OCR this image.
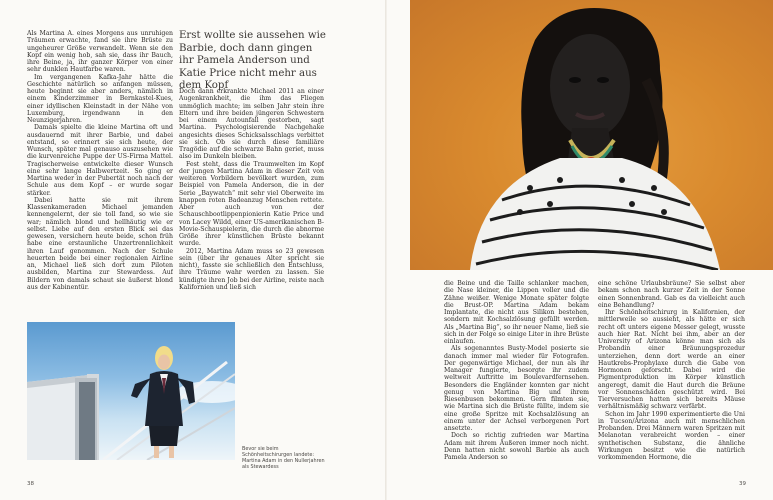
Als Martina A. eines Morgens aus unruhigen Träumen erwachte, fand sie ihre Brüste zu ungeheurer Größe verwandelt. Wenn sie den Kopf ein wenig hob, sah sie, dass ihr Bauch, ihre Beine, ja, ihr ganzer Körper von einer sehr dunklen Hautfarbe waren.

Im vergangenen Kafka-Jahr hätte die Geschichte natürlich so anfangen müssen, heute beginnt sie aber anders, nämlich in einem Kinderzimmer in Bernkastel-Kues, einer idyllischen Kleinstadt in der Nähe von Luxemburg, irgendwann in den Neunzigerjahren.

Damals spielte die kleine Martina oft und ausdauernd mit ihrer Barbie, und dabei entstand, so erinnert sie sich heute, der Wunsch, später mal genauso auszusehen wie die kurvenreiche Puppe der US-Firma Mattel. Tragischerweise entwickelte dieser Wunsch eine sehr lange Halbwertzeit. So ging er Martina weder in der Pubertät noch nach der Schule aus dem Kopf – er wurde sogar stärker.

Dabei hatte sie mit ihrem Klassenkameraden Michael jemanden kennengelernt, der sie toll fand, so wie sie war; nämlich blond und hellhäutig wie er selbst. Liebe auf den ersten Blick sei das gewesen, versichern heute beide, schon früh habe eine erstaunliche Unzertrennlichkeit ihren Lauf genommen. Nach der Schule heuerten beide bei einer regionalen Airline an, Michael ließ sich dort zum Piloten ausbilden, Martina zur Stewardess. Auf Bildern von damals schaut sie äußerst blond aus der Kabinentür.

Erst wollte sie aussehen wie Barbie, doch dann gingen ihr Pamela Anderson und Katie Price nicht mehr aus dem Kopf

Doch dann erkrankte Michael 2011 an einer Augenkrankheit, die ihm das Fliegen unmöglich machte; im selben Jahr stein ihre Eltern und ihre beiden jüngeren Schwestern bei einem Autounfall gestorben, sagt Martina. Psychologisierende Nachgehake angesichts dieses Schicksalsschlags verbittet sie sich. Ob sie durch diese familiäre Tragödie auf die schwarze Bahn geriet, muss also im Dunkeln bleiben.

Fest steht, dass die Traumwelten im Kopf der jungen Martina Adam in dieser Zeit von weiteren Vorbildern bevölkert wurden, zum Beispiel von Pamela Anderson, die in der Serie „Baywatch“ mit sehr viel Oberweite im knappen roten Badeanzug Menschen rettete. Aber auch von der Schauschbootlippenpionierin Katie Price und von Lacey Wildd, einer US-amerikanischen B-Movie-Schauspielerin, die durch die abnorme Größe ihrer künstlichen Brüste bekannt wurde.

2012, Martina Adam muss so 23 gewesen sein (über ihr genaues Alter spricht sie nicht), fasste sie schließlich den Entschluss, ihre Träume wahr werden zu lassen. Sie kündigte ihren Job bei der Airline, reiste nach Kalifornien und ließ sich

Bevor sie beim Schönheitschirurgen landete: Martina Adam in den Nullerjahren als Stewardess
38

die Beine und die Taille schlanker machen, die Nase kleiner, die Lippen voller und die Zähne weißer. Wenige Monate später folgte die Brust-OP. Martina Adam bekam Implantate, die nicht aus Silikon bestehen, sondern mit Kochsalzlösung gefüllt werden. Als „Martina Big“, so ihr neuer Name, ließ sie sich in der Folge so einige Liter in ihre Brüste einlaufen.

Als sogenanntes Busty-Model posierte sie danach immer mal wieder für Fotografen. Der gegenwärtige Michael, der nun als ihr Manager fungierte, besorgte ihr zudem weltweit Auftritte im Boulevardfernsehen. Besonders die Engländer konnten gar nicht genug von Martina Big und ihrem Riesenbusen bekommen. Gern filmten sie, wie Martina sich die Brüste füllte, indem sie eine große Spritze mit Kochsalzlösung an einem unter der Achsel verborgenen Port ansetzte.

Doch so richtig zufrieden war Martina Adam mit ihrem Äußeren immer noch nicht. Denn hatten nicht sowohl Barbie als auch Pamela Anderson so

eine schöne Urlaubsbräune? Sie selbst aber bekam schon nach kurzer Zeit in der Sonne einen Sonnenbrand. Gab es da vielleicht auch eine Behandlung?

Ihr Schönheitschirurg in Kalifornien, der mittlerweile so aussieht, als hätte er sich recht oft unters eigene Messer gelegt, wusste auch hier Rat. Nicht bei ihm, aber an der University of Arizona könne man sich als Probandin einer Bräunungsprozedur unterziehen, denn dort werde an einer Hautkrebs-Prophylaxe durch die Gabe von Hormonen geforscht. Dabei wird die Pigmentproduktion im Körper künstlich angeregt, damit die Haut durch die Bräune vor Sonnenschäden geschützt wird. Bei Tierversuchen hatten sich bereits Mäuse verhältnismäßig schwarz verfärbt.

Schon im Jahr 1990 experimentierte die Uni in Tucson/Arizona auch mit menschlichen Probanden. Drei Männern waren Spritzen mit Melanotan verabreicht worden – einer synthetischen Substanz, die ähnliche Wirkungen besitzt wie die natürlich vorkommenden Hormone, die

39
